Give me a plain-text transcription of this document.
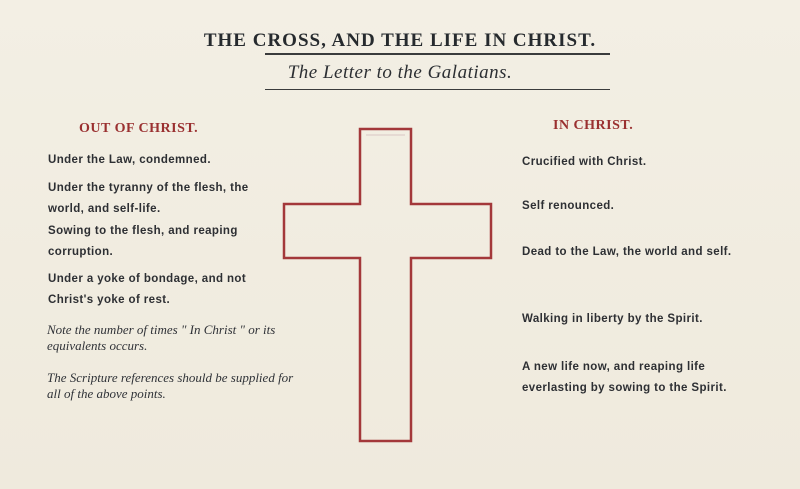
THE CROSS, AND THE LIFE IN CHRIST.
The Letter to the Galatians.
OUT OF CHRIST.
Under the Law, condemned.
Under the tyranny of the flesh, the world, and self-life.
Sowing to the flesh, and reaping corruption.
Under a yoke of bondage, and not Christ's yoke of rest.
Note the number of times " In Christ " or its equivalents occurs.
The Scripture references should be supplied for all of the above points.
IN CHRIST.
Crucified with Christ.
Self renounced.
Dead to the Law, the world and self.
Walking in liberty by the Spirit.
A new life now, and reaping life everlasting by sowing to the Spirit.
